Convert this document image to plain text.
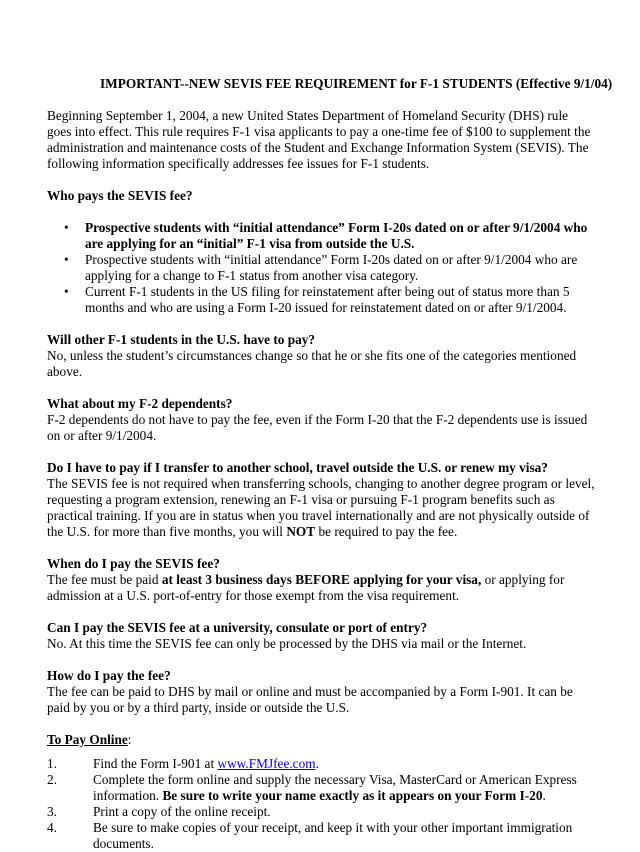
IMPORTANT--NEW SEVIS FEE REQUIREMENT for F-1 STUDENTS (Effective 9/1/04)

Beginning September 1, 2004, a new United States Department of Homeland Security (DHS) rule goes into effect. This rule requires F-1 visa applicants to pay a one-time fee of $100 to supplement the administration and maintenance costs of the Student and Exchange Information System (SEVIS). The following information specifically addresses fee issues for F-1 students.

Who pays the SEVIS fee?

• Prospective students with “initial attendance” Form I-20s dated on or after 9/1/2004 who are applying for an “initial” F-1 visa from outside the U.S.
• Prospective students with “initial attendance” Form I-20s dated on or after 9/1/2004 who are applying for a change to F-1 status from another visa category.
• Current F-1 students in the US filing for reinstatement after being out of status more than 5 months and who are using a Form I-20 issued for reinstatement dated on or after 9/1/2004.

Will other F-1 students in the U.S. have to pay?

No, unless the student’s circumstances change so that he or she fits one of the categories mentioned above.

What about my F-2 dependents?

F-2 dependents do not have to pay the fee, even if the Form I-20 that the F-2 dependents use is issued on or after 9/1/2004.

Do I have to pay if I transfer to another school, travel outside the U.S. or renew my visa?

The SEVIS fee is not required when transferring schools, changing to another degree program or level, requesting a program extension, renewing an F-1 visa or pursuing F-1 program benefits such as practical training. If you are in status when you travel internationally and are not physically outside of the U.S. for more than five months, you will NOT be required to pay the fee.

When do I pay the SEVIS fee?

The fee must be paid at least 3 business days BEFORE applying for your visa, or applying for admission at a U.S. port-of-entry for those exempt from the visa requirement.

Can I pay the SEVIS fee at a university, consulate or port of entry?

No. At this time the SEVIS fee can only be processed by the DHS via mail or the Internet.

How do I pay the fee?

The fee can be paid to DHS by mail or online and must be accompanied by a Form I-901. It can be paid by you or by a third party, inside or outside the U.S.

To Pay Online:

1.	Find the Form I-901 at www.FMJfee.com.
2.	Complete the form online and supply the necessary Visa, MasterCard or American Express information. Be sure to write your name exactly as it appears on your Form I-20.
3.	Print a copy of the online receipt.
4.	Be sure to make copies of your receipt, and keep it with your other important immigration documents.
